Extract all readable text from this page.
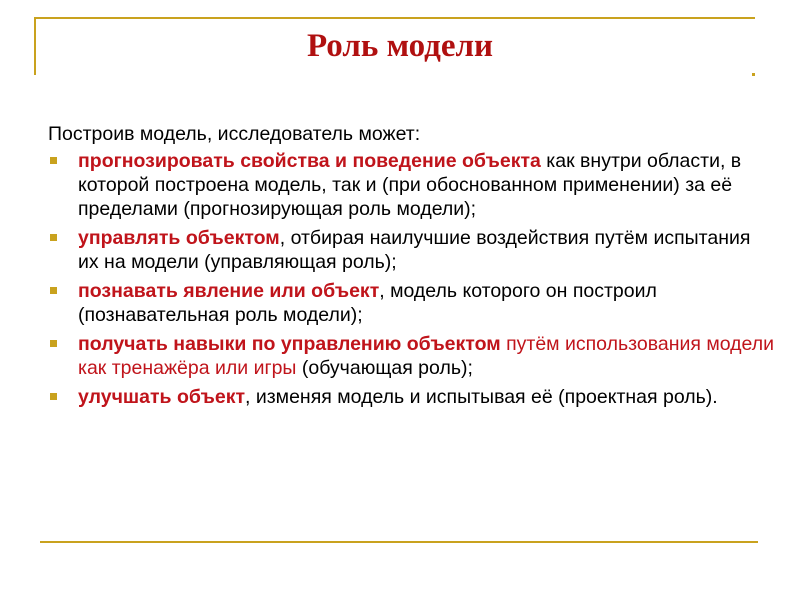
Роль модели

Построив модель, исследователь может:

прогнозировать свойства и поведение объекта как внутри области, в которой построена модель, так и (при обоснованном применении) за её пределами (прогнозирующая роль модели);
управлять объектом, отбирая наилучшие воздействия путём испытания их на модели (управляющая роль);
познавать явление или объект, модель которого он построил (познавательная роль модели);
получать навыки по управлению объектом путём использования модели как тренажёра или игры (обучающая роль);
улучшать объект, изменяя модель и испытывая её (проектная роль).
